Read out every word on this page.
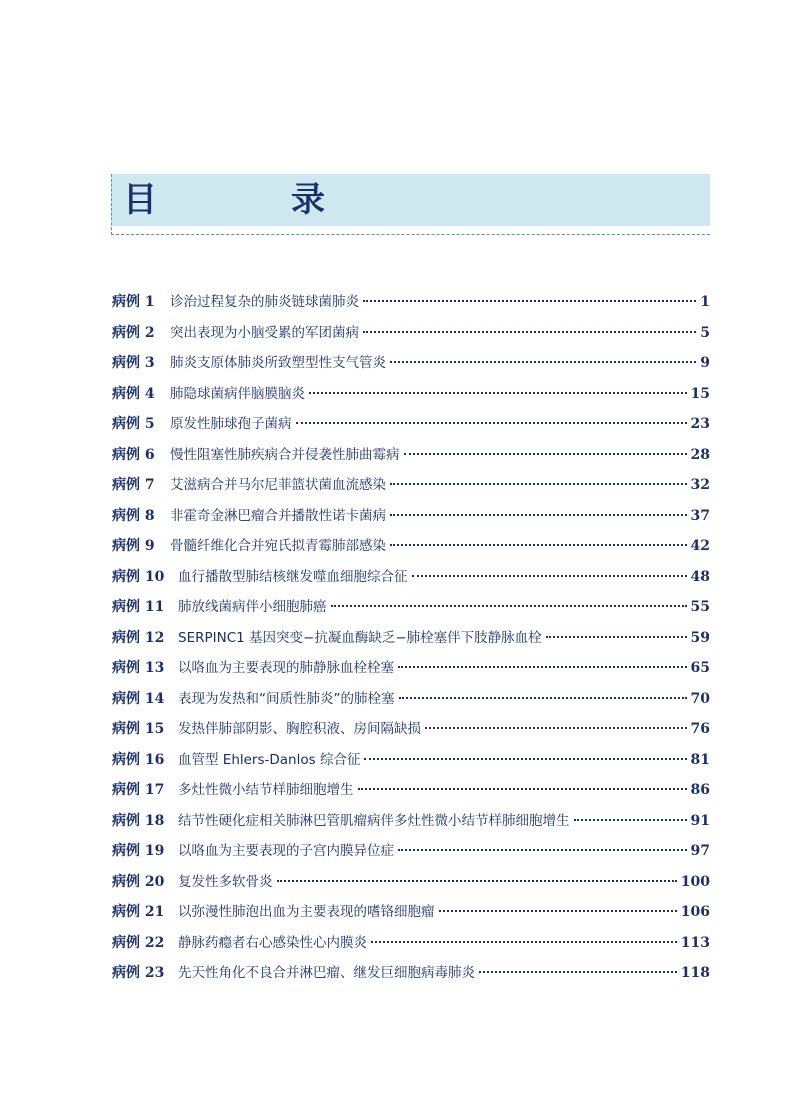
目　录
病例 1	诊治过程复杂的肺炎链球菌肺炎	1
病例 2	突出表现为小脑受累的军团菌病	5
病例 3	肺炎支原体肺炎所致塑型性支气管炎	9
病例 4	肺隐球菌病伴脑膜脑炎	15
病例 5	原发性肺球孢子菌病	23
病例 6	慢性阻塞性肺疾病合并侵袭性肺曲霉病	28
病例 7	艾滋病合并马尔尼菲篮状菌血流感染	32
病例 8	非霍奇金淋巴瘤合并播散性诺卡菌病	37
病例 9	骨髓纤维化合并宛氏拟青霉肺部感染	42
病例 10	血行播散型肺结核继发噬血细胞综合征	48
病例 11	肺放线菌病伴小细胞肺癌	55
病例 12	SERPINC1 基因突变−抗凝血酶缺乏−肺栓塞伴下肢静脉血栓	59
病例 13	以咯血为主要表现的肺静脉血栓栓塞	65
病例 14	表现为发热和“间质性肺炎”的肺栓塞	70
病例 15	发热伴肺部阴影、胸腔积液、房间隔缺损	76
病例 16	血管型 Ehlers-Danlos 综合征	81
病例 17	多灶性微小结节样肺细胞增生	86
病例 18	结节性硬化症相关肺淋巴管肌瘤病伴多灶性微小结节样肺细胞增生	91
病例 19	以咯血为主要表现的子宫内膜异位症	97
病例 20	复发性多软骨炎	100
病例 21	以弥漫性肺泡出血为主要表现的嗜铬细胞瘤	106
病例 22	静脉药瘾者右心感染性心内膜炎	113
病例 23	先天性角化不良合并淋巴瘤、继发巨细胞病毒肺炎	118
